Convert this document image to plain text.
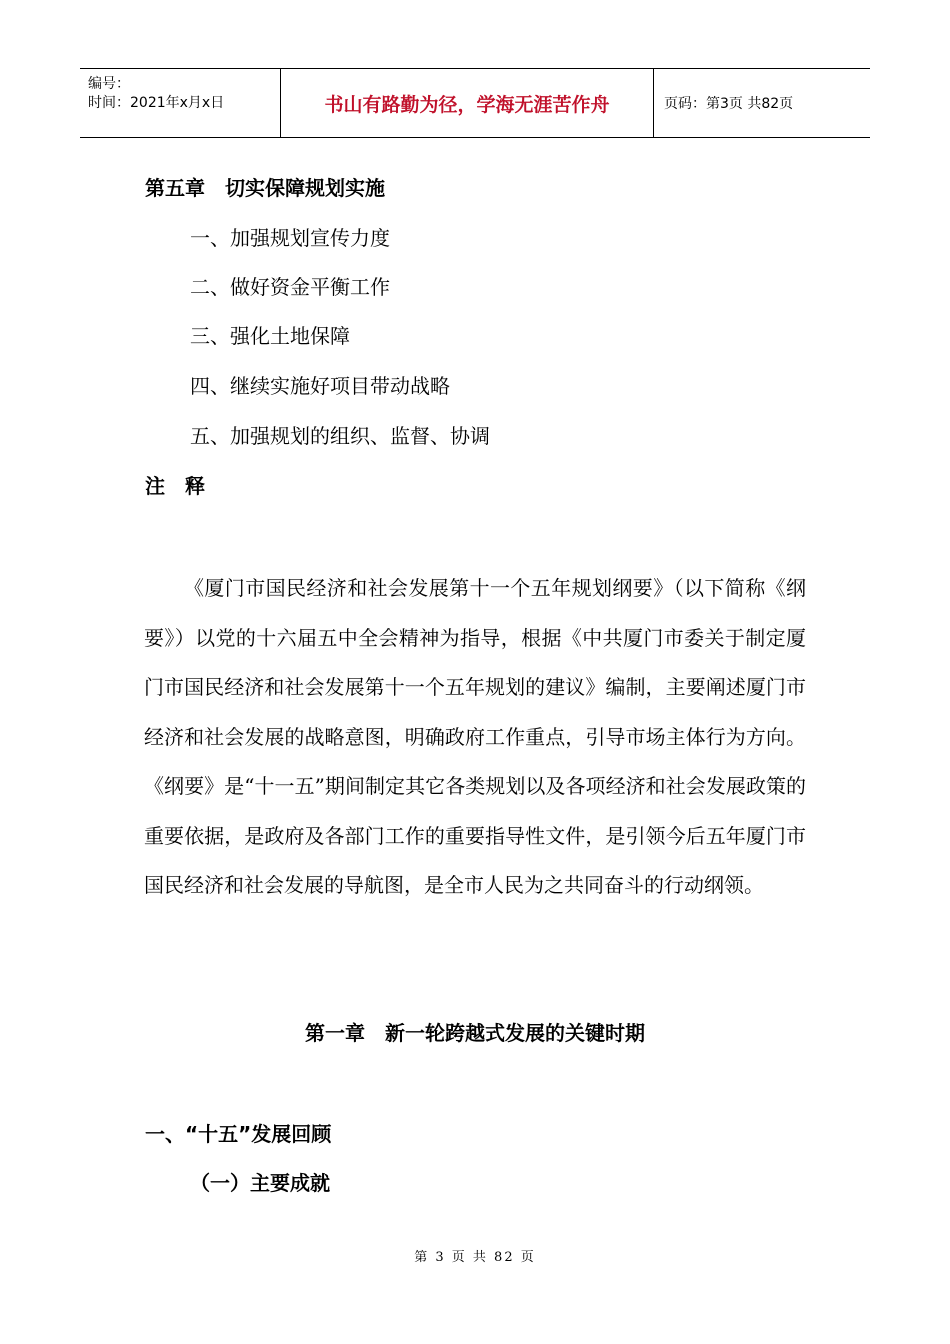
编号：
时间：2021年x月x日	书山有路勤为径，学海无涯苦作舟	页码：第3页 共82页
第五章　切实保障规划实施
一、加强规划宣传力度
二、做好资金平衡工作
三、强化土地保障
四、继续实施好项目带动战略
五、加强规划的组织、监督、协调
注　释
《厦门市国民经济和社会发展第十一个五年规划纲要》（以下简称《纲要》）以党的十六届五中全会精神为指导，根据《中共厦门市委关于制定厦门市国民经济和社会发展第十一个五年规划的建议》编制，主要阐述厦门市经济和社会发展的战略意图，明确政府工作重点，引导市场主体行为方向。《纲要》是“十一五”期间制定其它各类规划以及各项经济和社会发展政策的重要依据，是政府及各部门工作的重要指导性文件，是引领今后五年厦门市国民经济和社会发展的导航图，是全市人民为之共同奋斗的行动纲领。
第一章　新一轮跨越式发展的关键时期
一、“十五”发展回顾
（一）主要成就
第 3 页 共 82 页
